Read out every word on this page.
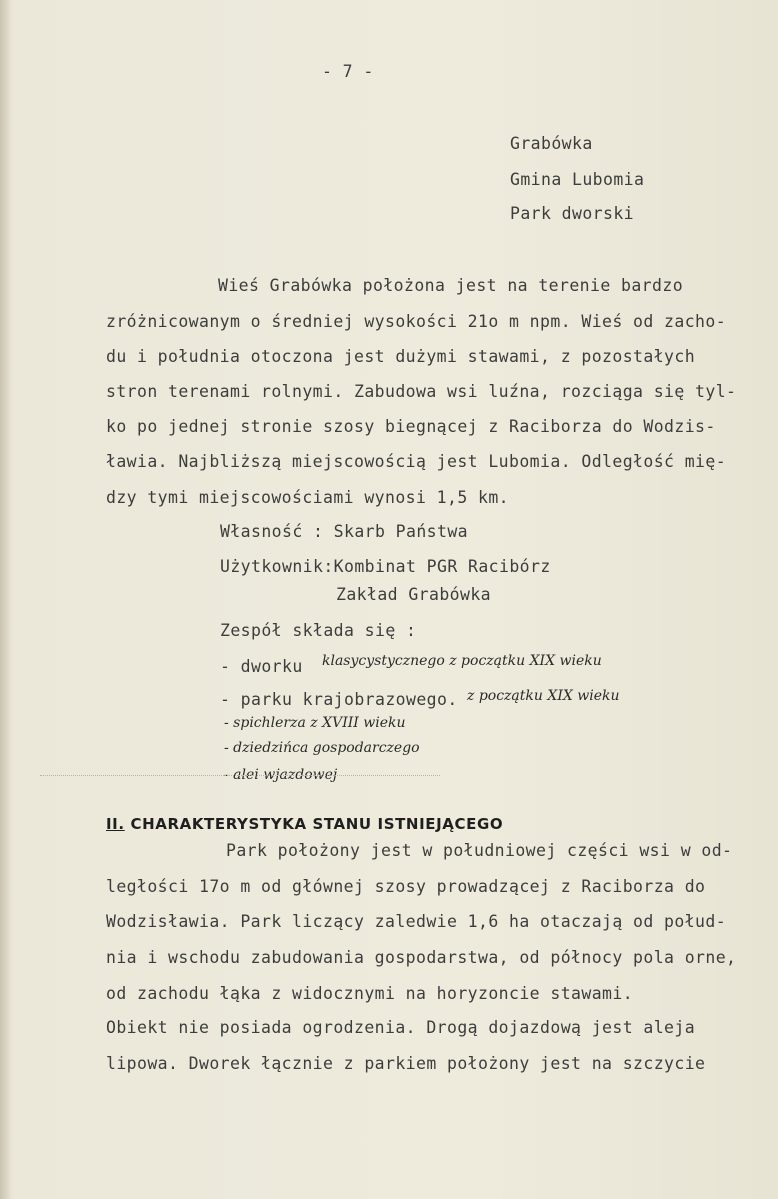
- 7 -
Grabówka
Gmina Lubomia
Park dworski
Wieś Grabówka położona jest na terenie bardzo
zróżnicowanym o średniej wysokości 21o m npm. Wieś od zacho-
du i południa otoczona jest dużymi stawami, z pozostałych
stron terenami rolnymi. Zabudowa wsi luźna, rozciąga się tyl-
ko po jednej stronie szosy biegnącej z Raciborza do Wodzis-
ławia. Najbliższą miejscowością jest Lubomia. Odległość mię-
dzy tymi miejscowościami wynosi 1,5 km.
Własność : Skarb Państwa
Użytkownik:Kombinat PGR Racibórz
Zakład Grabówka
Zespół składa się :
- dworku klasycystycznego z początku XIX wieku
- parku krajobrazowego. z początku XIX wieku
- spichlerza z XVIII wieku
- dziedzińca gospodarczego
- alei wjazdowej
II. CHARAKTERYSTYKA STANU ISTNIEJĄCEGO
Park położony jest w południowej części wsi w od-
ległości 17o m od głównej szosy prowadzącej z Raciborza do
Wodzisławia. Park liczący zaledwie 1,6 ha otaczają od połud-
nia i wschodu zabudowania gospodarstwa, od północy pola orne,
od zachodu łąka z widocznymi na horyzoncie stawami.
Obiekt nie posiada ogrodzenia. Drogą dojazdową jest aleja
lipowa. Dworek łącznie z parkiem położony jest na szczycie
